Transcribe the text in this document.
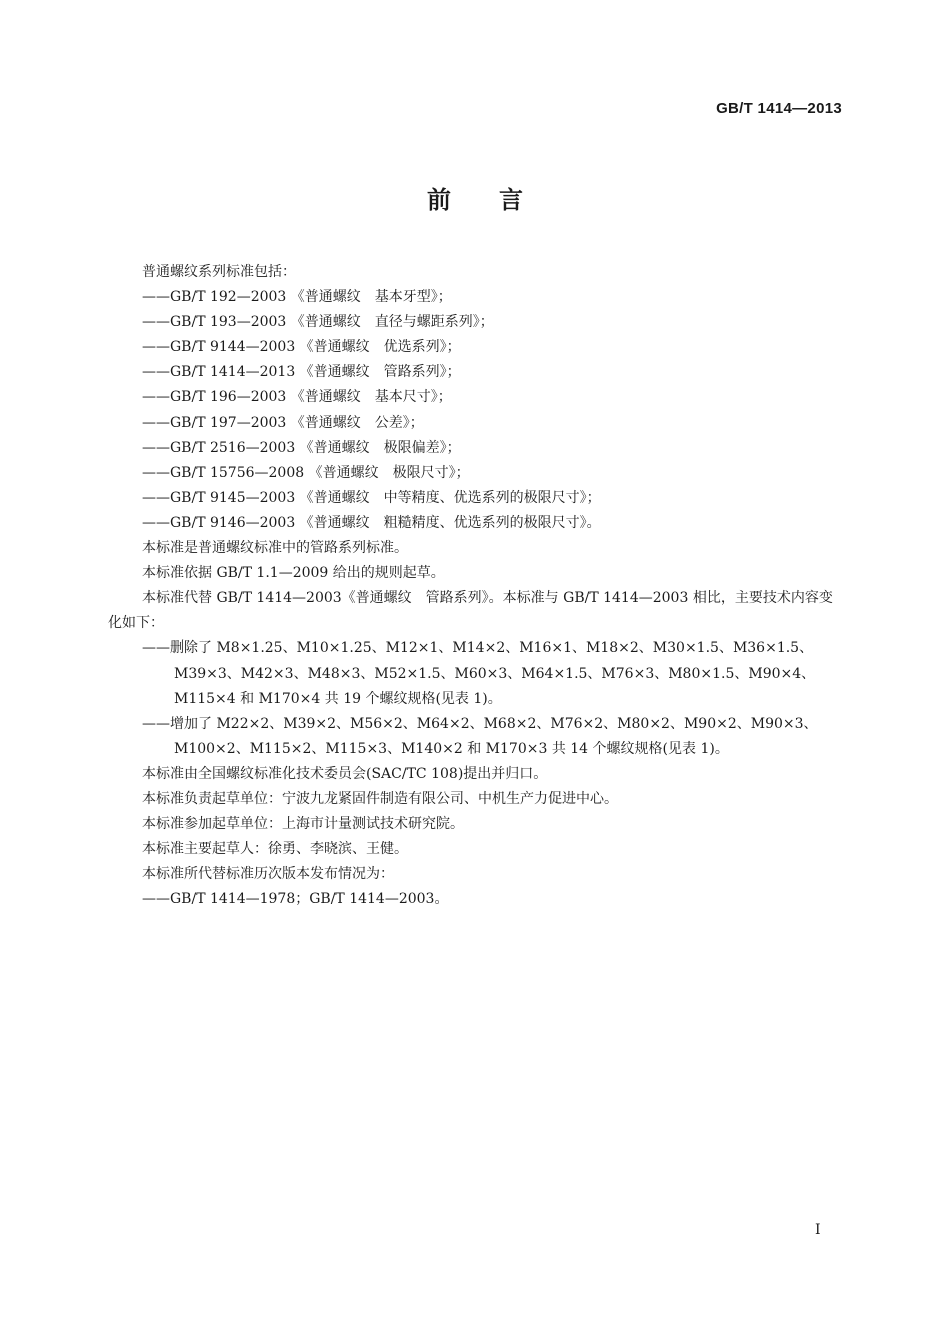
GB/T 1414—2013
前　　言
普通螺纹系列标准包括：
——GB/T 192—2003 《普通螺纹　基本牙型》；
——GB/T 193—2003 《普通螺纹　直径与螺距系列》；
——GB/T 9144—2003 《普通螺纹　优选系列》；
——GB/T 1414—2013 《普通螺纹　管路系列》；
——GB/T 196—2003 《普通螺纹　基本尺寸》；
——GB/T 197—2003 《普通螺纹　公差》；
——GB/T 2516—2003 《普通螺纹　极限偏差》；
——GB/T 15756—2008 《普通螺纹　极限尺寸》；
——GB/T 9145—2003 《普通螺纹　中等精度、优选系列的极限尺寸》；
——GB/T 9146—2003 《普通螺纹　粗糙精度、优选系列的极限尺寸》。
本标准是普通螺纹标准中的管路系列标准。
本标准依据 GB/T 1.1—2009 给出的规则起草。
本标准代替 GB/T 1414—2003《普通螺纹　管路系列》。本标准与 GB/T 1414—2003 相比，主要技术内容变化如下：
——删除了 M8×1.25、M10×1.25、M12×1、M14×2、M16×1、M18×2、M30×1.5、M36×1.5、M39×3、M42×3、M48×3、M52×1.5、M60×3、M64×1.5、M76×3、M80×1.5、M90×4、M115×4 和 M170×4 共 19 个螺纹规格(见表 1)。
——增加了 M22×2、M39×2、M56×2、M64×2、M68×2、M76×2、M80×2、M90×2、M90×3、M100×2、M115×2、M115×3、M140×2 和 M170×3 共 14 个螺纹规格(见表 1)。
本标准由全国螺纹标准化技术委员会(SAC/TC 108)提出并归口。
本标准负责起草单位：宁波九龙紧固件制造有限公司、中机生产力促进中心。
本标准参加起草单位：上海市计量测试技术研究院。
本标准主要起草人：徐勇、李晓滨、王健。
本标准所代替标准历次版本发布情况为：
——GB/T 1414—1978；GB/T 1414—2003。
I
